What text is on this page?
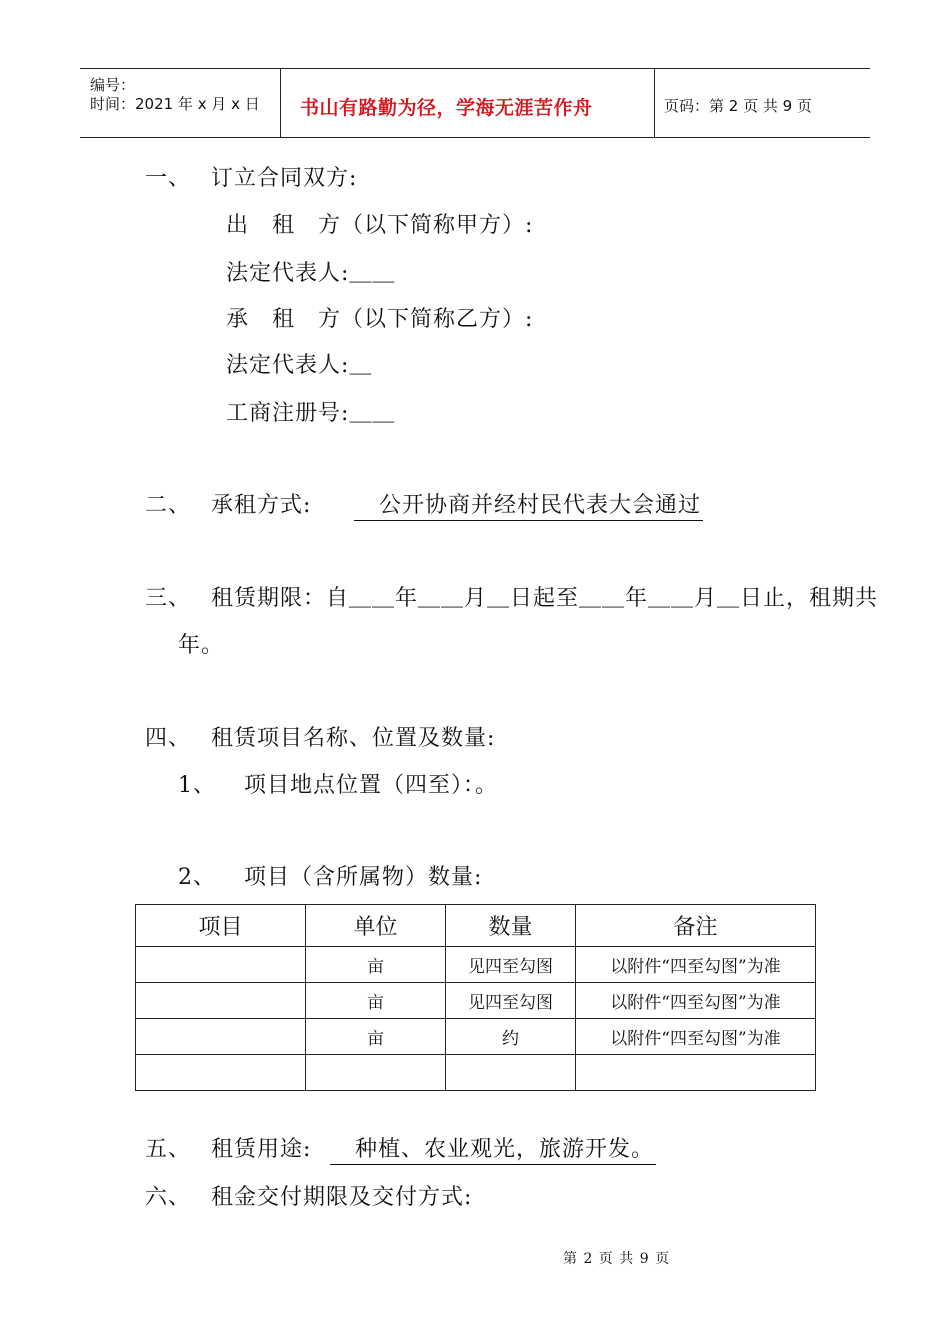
编号：
时间：2021 年 x 月 x 日 书山有路勤为径，学海无涯苦作舟	页码：第 2 页 共 9 页
一、 订立合同双方:
出　租　方（以下简称甲方）:
法定代表人:＿＿
承　租　方（以下简称乙方）:
法定代表人:＿
工商注册号:＿＿
二、 承租方式: 　公开协商并经村民代表大会通过
三、 租赁期限：自＿＿年＿＿月＿日起至＿＿年＿＿月＿日止，租期共
年。
四、 租赁项目名称、位置及数量:
1、 项目地点位置（四至）：。
2、 项目（含所属物）数量:
项目	单位	数量	备注
	亩	见四至勾图	以附件“四至勾图”为准
	亩	见四至勾图	以附件“四至勾图”为准
	亩	约	以附件“四至勾图”为准

五、 租赁用途: 　种植、农业观光，旅游开发。
六、 租金交付期限及交付方式:
第 2 页 共 9 页
